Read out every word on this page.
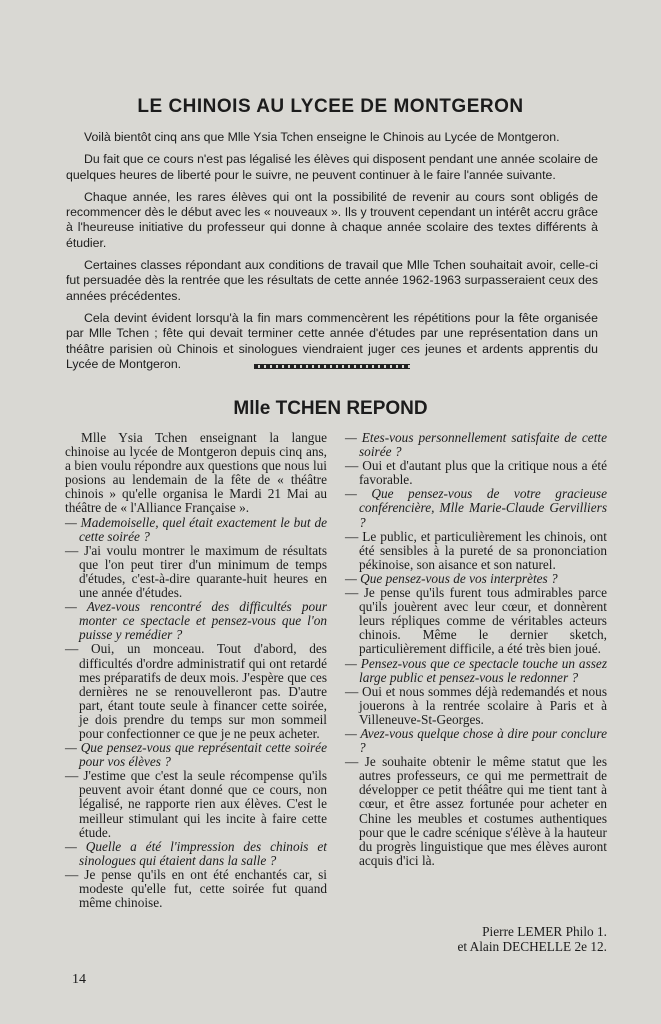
LE CHINOIS AU LYCEE DE MONTGERON

Voilà bientôt cinq ans que Mlle Ysia Tchen enseigne le Chinois au Lycée de Montgeron.

Du fait que ce cours n'est pas légalisé les élèves qui disposent pendant une année scolaire de quelques heures de liberté pour le suivre, ne peuvent continuer à le faire l'année suivante.

Chaque année, les rares élèves qui ont la possibilité de revenir au cours sont obligés de recommencer dès le début avec les « nouveaux ». Ils y trouvent cependant un intérêt accru grâce à l'heureuse initiative du professeur qui donne à chaque année scolaire des textes différents à étudier.

Certaines classes répondant aux conditions de travail que Mlle Tchen souhaitait avoir, celle-ci fut persuadée dès la rentrée que les résultats de cette année 1962-1963 surpasseraient ceux des années précédentes.

Cela devint évident lorsqu'à la fin mars commencèrent les répétitions pour la fête organisée par Mlle Tchen ; fête qui devait terminer cette année d'études par une représentation dans un théâtre parisien où Chinois et sinologues viendraient juger ces jeunes et ardents apprentis du Lycée de Montgeron.

Mlle TCHEN REPOND

Mlle Ysia Tchen enseignant la langue chinoise au lycée de Montgeron depuis cinq ans, a bien voulu répondre aux questions que nous lui posions au lendemain de la fête de « théâtre chinois » qu'elle organisa le Mardi 21 Mai au théâtre de « l'Alliance Française ».

— Mademoiselle, quel était exactement le but de cette soirée ?

— J'ai voulu montrer le maximum de résultats que l'on peut tirer d'un minimum de temps d'études, c'est-à-dire quarante-huit heures en une année d'études.

— Avez-vous rencontré des difficultés pour monter ce spectacle et pensez-vous que l'on puisse y remédier ?

— Oui, un monceau. Tout d'abord, des difficultés d'ordre administratif qui ont retardé mes préparatifs de deux mois. J'espère que ces dernières ne se renouvelleront pas. D'autre part, étant toute seule à financer cette soirée, je dois prendre du temps sur mon sommeil pour confectionner ce que je ne peux acheter.

— Que pensez-vous que représentait cette soirée pour vos élèves ?

— J'estime que c'est la seule récompense qu'ils peuvent avoir étant donné que ce cours, non légalisé, ne rapporte rien aux élèves. C'est le meilleur stimulant qui les incite à faire cette étude.

— Quelle a été l'impression des chinois et sinologues qui étaient dans la salle ?

— Je pense qu'ils en ont été enchantés car, si modeste qu'elle fut, cette soirée fut quand même chinoise.

— Etes-vous personnellement satisfaite de cette soirée ?

— Oui et d'autant plus que la critique nous a été favorable.

— Que pensez-vous de votre gracieuse conférencière, Mlle Marie-Claude Gervilliers ?

— Le public, et particulièrement les chinois, ont été sensibles à la pureté de sa prononciation pékinoise, son aisance et son naturel.

— Que pensez-vous de vos interprètes ?

— Je pense qu'ils furent tous admirables parce qu'ils jouèrent avec leur cœur, et donnèrent leurs répliques comme de véritables acteurs chinois. Même le dernier sketch, particulièrement difficile, a été très bien joué.

— Pensez-vous que ce spectacle touche un assez large public et pensez-vous le redonner ?

— Oui et nous sommes déjà redemandés et nous jouerons à la rentrée scolaire à Paris et à Villeneuve-St-Georges.

— Avez-vous quelque chose à dire pour conclure ?

— Je souhaite obtenir le même statut que les autres professeurs, ce qui me permettrait de développer ce petit théâtre qui me tient tant à cœur, et être assez fortunée pour acheter en Chine les meubles et costumes authentiques pour que le cadre scénique s'élève à la hauteur du progrès linguistique que mes élèves auront acquis d'ici là.

Pierre LEMER Philo 1.
et Alain DECHELLE 2e 12.
14
